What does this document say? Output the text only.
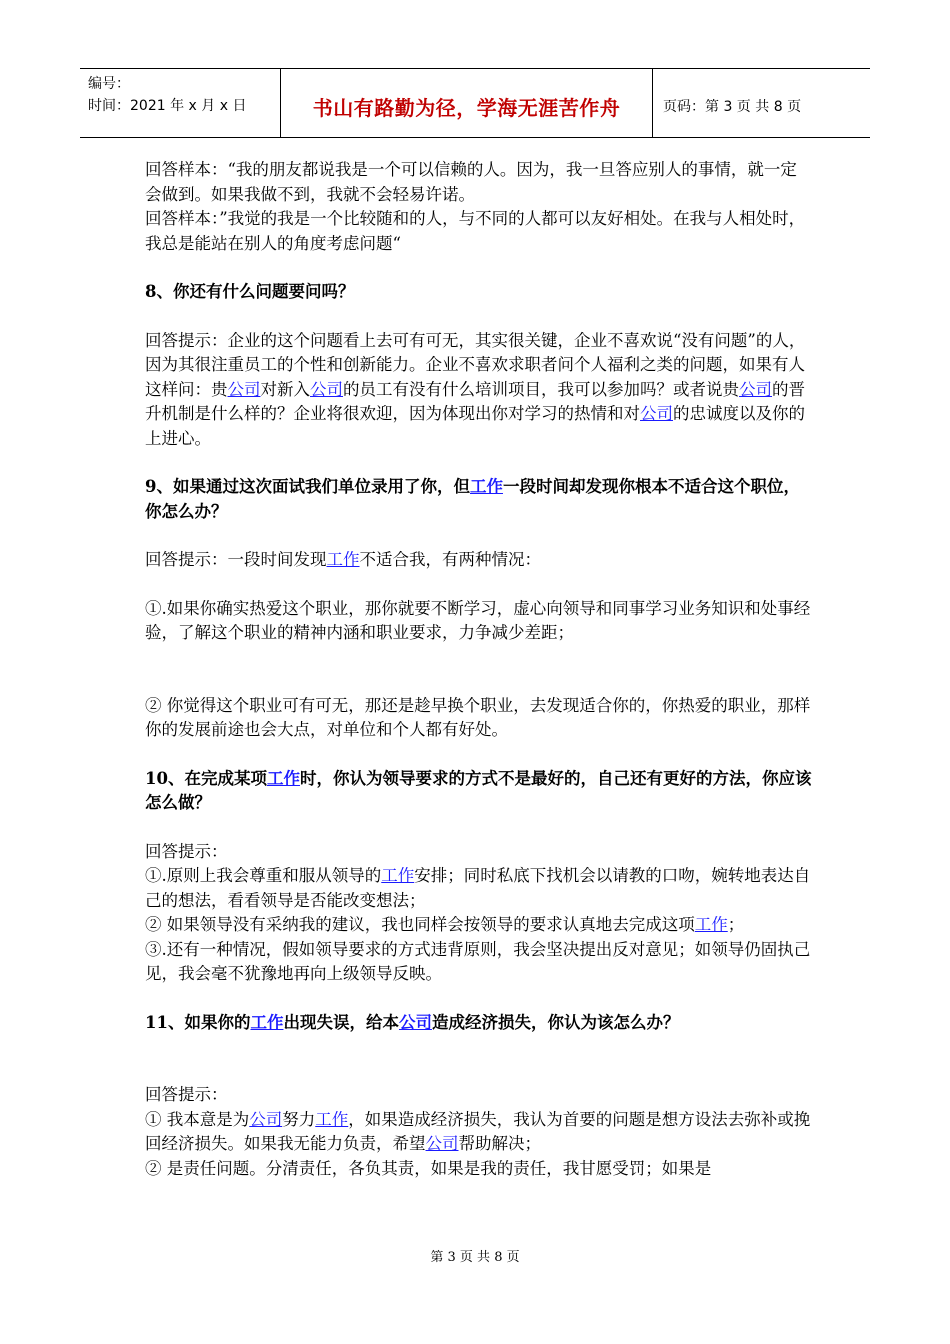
编号：
时间：2021 年 x 月 x 日	书山有路勤为径，学海无涯苦作舟	页码：第 3 页 共 8 页

回答样本：“我的朋友都说我是一个可以信赖的人。因为，我一旦答应别人的事情，就一定会做到。如果我做不到，我就不会轻易许诺。

回答样本：”我觉的我是一个比较随和的人，与不同的人都可以友好相处。在我与人相处时，我总是能站在别人的角度考虑问题“

8、你还有什么问题要问吗？

回答提示：企业的这个问题看上去可有可无，其实很关键，企业不喜欢说“没有问题”的人，因为其很注重员工的个性和创新能力。企业不喜欢求职者问个人福利之类的问题，如果有人这样问：贵公司对新入公司的员工有没有什么培训项目，我可以参加吗？或者说贵公司的晋升机制是什么样的？企业将很欢迎，因为体现出你对学习的热情和对公司的忠诚度以及你的上进心。

9、如果通过这次面试我们单位录用了你，但工作一段时间却发现你根本不适合这个职位，你怎么办？

回答提示：一段时间发现工作不适合我，有两种情况：

①.如果你确实热爱这个职业，那你就要不断学习，虚心向领导和同事学习业务知识和处事经验，了解这个职业的精神内涵和职业要求，力争减少差距；

② 你觉得这个职业可有可无，那还是趁早换个职业，去发现适合你的，你热爱的职业，那样你的发展前途也会大点，对单位和个人都有好处。

10、在完成某项工作时，你认为领导要求的方式不是最好的，自己还有更好的方法，你应该怎么做？

回答提示：

①.原则上我会尊重和服从领导的工作安排；同时私底下找机会以请教的口吻，婉转地表达自己的想法，看看领导是否能改变想法；

② 如果领导没有采纳我的建议，我也同样会按领导的要求认真地去完成这项工作；

③.还有一种情况，假如领导要求的方式违背原则，我会坚决提出反对意见；如领导仍固执己见，我会毫不犹豫地再向上级领导反映。

11、如果你的工作出现失误，给本公司造成经济损失，你认为该怎么办？

回答提示：

① 我本意是为公司努力工作，如果造成经济损失，我认为首要的问题是想方设法去弥补或挽回经济损失。如果我无能力负责，希望公司帮助解决；

② 是责任问题。分清责任，各负其责，如果是我的责任，我甘愿受罚；如果是

第 3 页 共 8 页
